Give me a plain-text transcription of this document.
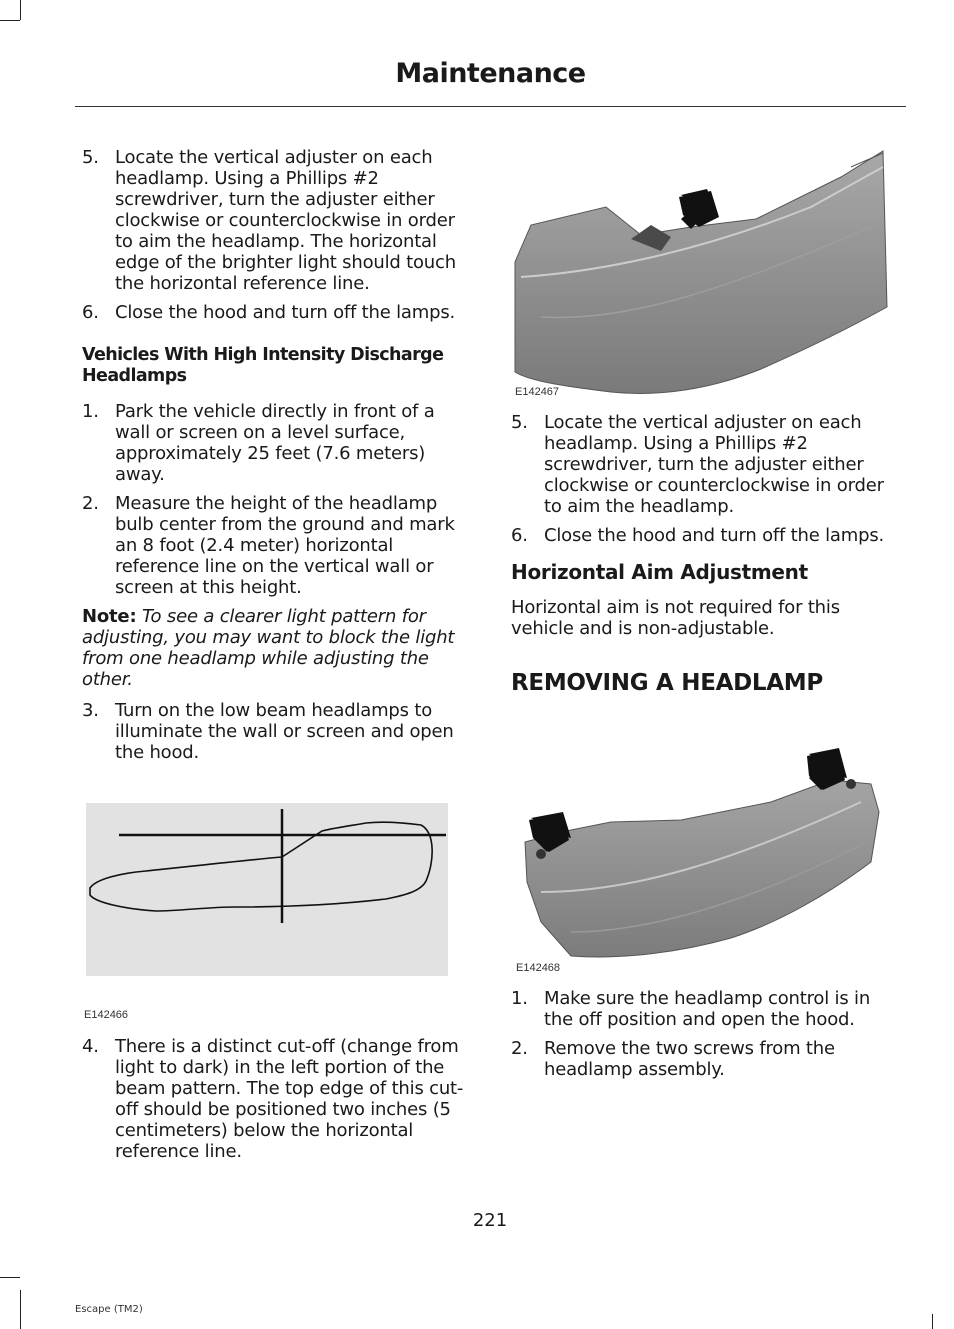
Maintenance
5. Locate the vertical adjuster on each headlamp. Using a Phillips #2 screwdriver, turn the adjuster either clockwise or counterclockwise in order to aim the headlamp. The horizontal edge of the brighter light should touch the horizontal reference line.
6. Close the hood and turn off the lamps.
Vehicles With High Intensity Discharge Headlamps
1. Park the vehicle directly in front of a wall or screen on a level surface, approximately 25 feet (7.6 meters) away.
2. Measure the height of the headlamp bulb center from the ground and mark an 8 foot (2.4 meter) horizontal reference line on the vertical wall or screen at this height.
Note: To see a clearer light pattern for adjusting, you may want to block the light from one headlamp while adjusting the other.
3. Turn on the low beam headlamps to illuminate the wall or screen and open the hood.
E142466
4. There is a distinct cut-off (change from light to dark) in the left portion of the beam pattern. The top edge of this cut-off should be positioned two inches (5 centimeters) below the horizontal reference line.
E142467
5. Locate the vertical adjuster on each headlamp. Using a Phillips #2 screwdriver, turn the adjuster either clockwise or counterclockwise in order to aim the headlamp.
6. Close the hood and turn off the lamps.
Horizontal Aim Adjustment
Horizontal aim is not required for this vehicle and is non-adjustable.
REMOVING A HEADLAMP
E142468
1. Make sure the headlamp control is in the off position and open the hood.
2. Remove the two screws from the headlamp assembly.
221
Escape (TM2)
